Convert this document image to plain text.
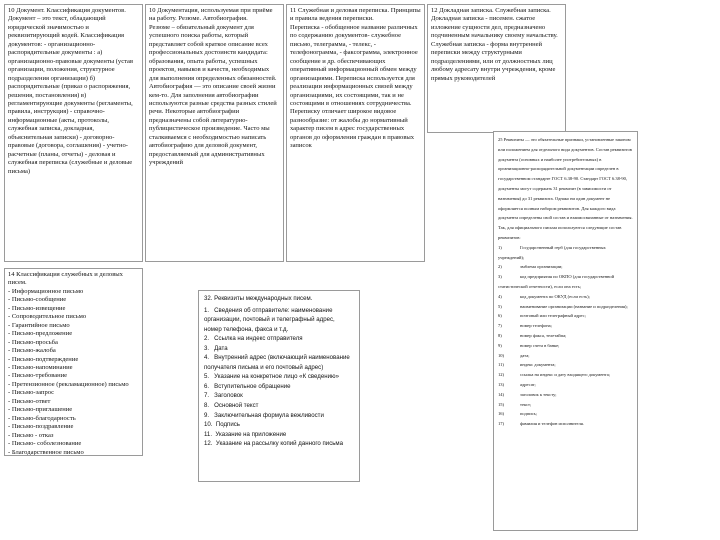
10 Документ. Классификация документов.

Документ – это текст, обладающий юридической значимостью и реквизитирующий кодей. Классификация документов: - организационно-распорядительные документы : а) организационно-правовые документы (устав организации, положения, структурное подразделения организации) б) распорядительные (приказ о распоряжения, решения, постановления) в) регламентирующие документы (регламенты, правила, инструкция) - справочно-информационные (акты, протоколы, служебная записка, докладная, объяснительная записки) - договорно-правовые (договора, соглашения) - учетно-расчетные (планы, отчеты) - деловая и служебная переписка (служебные и деловые письма)

10 Документация, используемая при приёме на работу. Резюме. Автобиография.

Резюме – обязательный документ для успешного поиска работы, который представляет собой краткое описание всех профессиональных достоинств кандидата: образования, опыта работы, успешных проектов, навыков и качеств, необходимых для выполнения определенных обязанностей. Автобиография — это описание своей жизни кем-то. Для заполнения автобиографии используются разные средства разных стилей речи. Некоторые автобиографии предназначены собой литературно-публицистическое произведение. Часто мы сталкиваемся с необходимостью написать автобиографию для деловой документ, предоставляемый для административных учреждений

11 Служебная и деловая переписка. Принципы и правила ведения переписки.

Переписка - обобщенное название различных по содержанию документов- служебное письмо, телеграмма, - телекс, - телефонограмма, - факсограмма, электронное сообщение и др. обеспечивающих оперативный информационный обмен между организациями. Переписка используется для реализации информационных связей между организациями, их состоящими, так и не состоящими в отношениях сотрудничества. Переписку отличает широкое видовое разнообразие: от жалобы до нормативный характер писем в адрес государственных органов до оформления граждан в правовых записок

12 Докладная записка. Служебная записка.

Докладная записка - писемен. сжатое изложение сущности дел, предназначено подчиненным начальнику своему начальству. Служебная записка - форма внутренней переписки между структурными подразделениями, или от должностных лиц любому адресату внутри учреждения, кроме прямых руководителей

14 Классификация служебных и деловых писем.

- Информационное письмо
- Письмо-сообщение
- Письмо-извещение
- Сопроводительное письмо
- Гарантийное письмо
- Письмо-предложение
- Письмо-просьба
- Письмо-жалоба
- Письмо-подтверждение
- Письмо-напоминание
- Письмо-требование
- Претензионное (рекламационное) письмо
- Письмо-запрос
- Письмо-ответ
- Письмо-приглашение
- Письмо-благодарность
- Письмо-поздравление
- Письмо - отказ
- Письмо- соболезнование
- Благодарственное письмо

32. Реквизиты международных писем.

1.   Сведения об отправителе: наименование организации, почтовый и телеграфный адрес, номер телефона, факса и т.д.
2.   Ссылка на индекс отправителя
3.   Дата
4.   Внутренний адрес (включающий наименование получателя письма и его почтовый адрес)
5.   Указание на конкретное лицо «К сведению»
6.   Вступительное обращение
7.   Заголовок
8.   Основной текст
9.   Заключительная формула вежливости
10.  Подпись
11.  Указание на приложение
12.  Указание на рассылку копий данного письма

25 Реквизиты — это обязательные признаки, установленные законом или положением для отдельного вида документов. Состав реквизитов документа (основных и наиболее употребительных) в организационно-распорядительной документации определен в государственном стандарте ГОСТ 6.38-90. Стандарт ГОСТ 6.38-90, документы могут содержать 31 реквизит (в зависимости от назначения) до 31 реквизита. Однако ни один документ не оформляется полным набором реквизитов. Для каждого вида документа определены свой состав и взаимосвязанные от назначения. Так, для официального письма используются следующие состав реквизитов:

1)	Государственный герб (для государственных учреждений);
2)	эмблема организации;
3)	код предприятия по ОКПО (для государственной статистической отчетности), если она есть;
4)	код документа по ОКУД (если есть);
5)	наименование организации (название и подразделения);
6)	почтовый или телеграфный адрес;
7)	номер телефона;
8)	номер факса, телетайпа;
9)	номер счета в банке;
10)	дата;
11)	индекс документа;
12)	ссылка на индекс и дату входящего документа;
13)	адресат;
14)	заголовок к тексту;
15)	текст;
16)	подпись;
17)	фамилия и телефон исполнителя.
